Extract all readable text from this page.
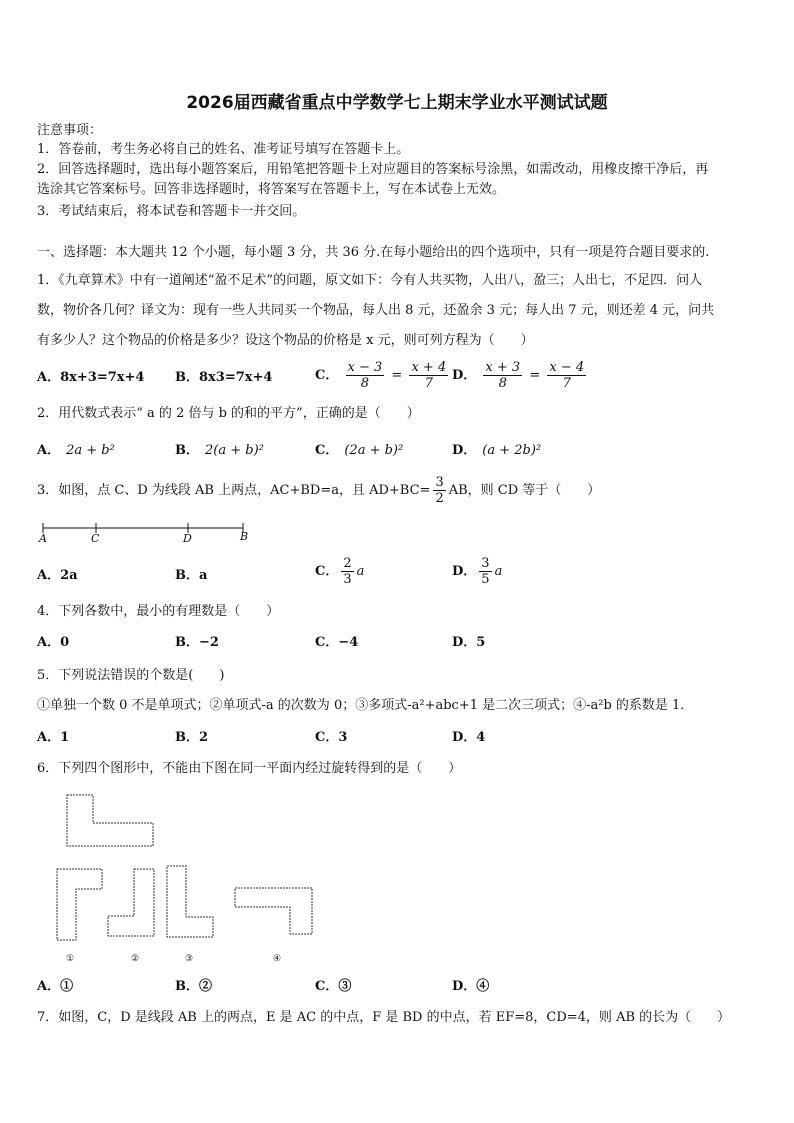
2026届西藏省重点中学数学七上期末学业水平测试试题
注意事项：
1．答卷前，考生务必将自己的姓名、准考证号填写在答题卡上。
2．回答选择题时，选出每小题答案后，用铅笔把答题卡上对应题目的答案标号涂黑，如需改动，用橡皮擦干净后，再
选涂其它答案标号。回答非选择题时，将答案写在答题卡上，写在本试卷上无效。
3．考试结束后，将本试卷和答题卡一并交回。
一、选择题：本大题共 12 个小题，每小题 3 分，共 36 分.在每小题给出的四个选项中，只有一项是符合题目要求的.
1．《九章算术》中有一道阐述“盈不足术”的问题，原文如下：今有人共买物，人出八，盈三；人出七，不足四．问人
数，物价各几何？译文为：现有一些人共同买一个物品，每人出 8 元，还盈余 3 元；每人出 7 元，则还差 4 元，问共
有多少人？这个物品的价格是多少？设这个物品的价格是 x 元，则可列方程为（　　）
A．8x+3=7x+4 B．8x3=7x+4	C． $\frac{x - 3}{8} = \frac{x + 4}{7}$ D． $\frac{x + 3}{8} = \frac{x - 4}{7}$
2．用代数式表示“ a 的 2 倍与 b 的和的平方”，正确的是（　　）
A． 2a + b²	B． 2(a + b)²	C． (2a + b)²	D． (a + 2b)²
3．如图，点 C、D 为线段 AB 上两点，AC+BD=a，且 $AD+BC= \frac{3}{2}$ AB，则 CD 等于（　　）
A	C	D	B
A．2a	B．a	C． $\frac{2}{3}$ a	D． $\frac{3}{5}$ a
4．下列各数中，最小的有理数是（　　）
A．0	B．−2	C．−4	D．5
5．下列说法错误的个数是(　　)
①单独一个数 0 不是单项式；②单项式-a 的次数为 0；③多项式-a²+abc+1 是二次三项式；④-a²b 的系数是 1．
A．1	B．2	C．3	D．4
6．下列四个图形中，不能由下图在同一平面内经过旋转得到的是（　　）
①	②	③	④
A．①	B．②	C．③	D．④
7．如图，C，D 是线段 AB 上的两点，E 是 AC 的中点，F 是 BD 的中点，若 EF=8，CD=4，则 AB 的长为（　　）
